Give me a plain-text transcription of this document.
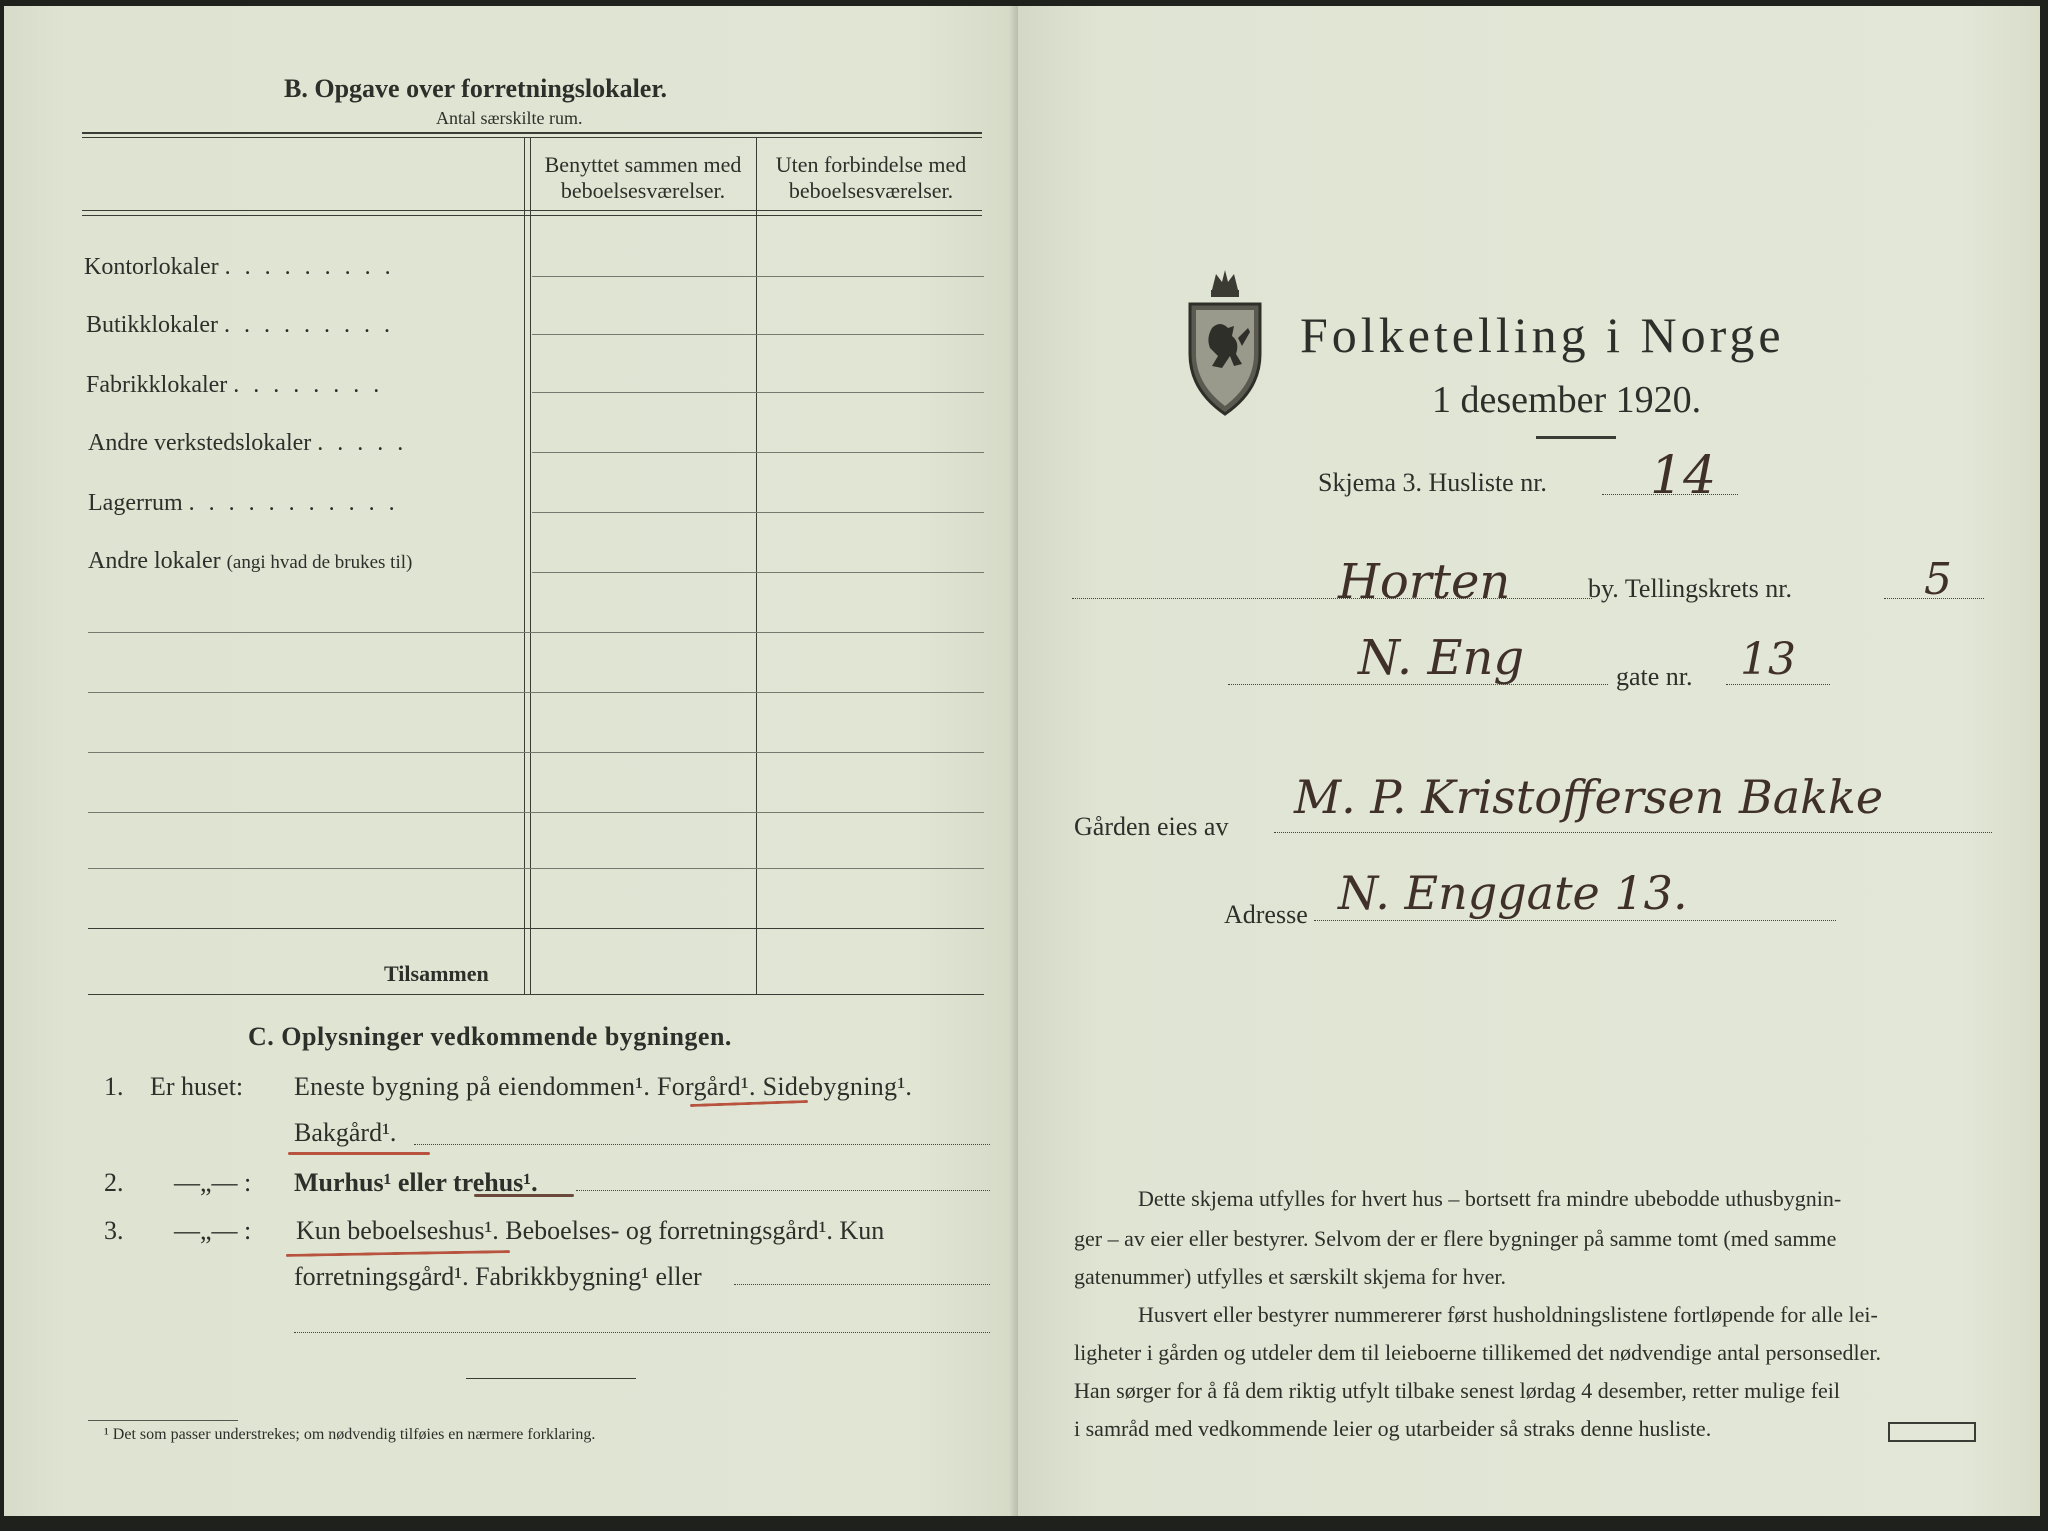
B. Opgave over forretningslokaler.
Antal særskilte rum.
Benyttet sammen med
beboelsesværelser.
Uten forbindelse med
beboelsesværelser.
Kontorlokaler . . . . . . . . .
Butikklokaler . . . . . . . . .
Fabrikklokaler . . . . . . . .
Andre verkstedslokaler . . . . .
Lagerrum . . . . . . . . . . .
Andre lokaler (angi hvad de brukes til)
Tilsammen
C. Oplysninger vedkommende bygningen.
1. Er huset: Eneste bygning på eiendommen¹. Forgård¹. Sidebygning¹.
Bakgård¹.
2. —„— : Murhus¹ eller trehus¹.
3. —„— : Kun beboelseshus¹. Beboelses- og forretningsgård¹. Kun
forretningsgård¹. Fabrikkbygning¹ eller
¹ Det som passer understrekes; om nødvendig tilføies en nærmere forklaring.
Folketelling i Norge
1 desember 1920.
Skjema 3. Husliste nr. 14
Horten	by. Tellingskrets nr.	5
N. Eng	gate nr. 13
Gården eies av
M. P. Kristoffersen Bakke
Adresse N. Enggate 13.
Dette skjema utfylles for hvert hus – bortsett fra mindre ubebodde uthusbygnin-
ger – av eier eller bestyrer. Selvom der er flere bygninger på samme tomt (med samme
gatenummer) utfylles et særskilt skjema for hver.
Husvert eller bestyrer nummererer først husholdningslistene fortløpende for alle lei-
ligheter i gården og utdeler dem til leieboerne tillikemed det nødvendige antal personsedler.
Han sørger for å få dem riktig utfylt tilbake senest lørdag 4 desember, retter mulige feil
i samråd med vedkommende leier og utarbeider så straks denne husliste.
